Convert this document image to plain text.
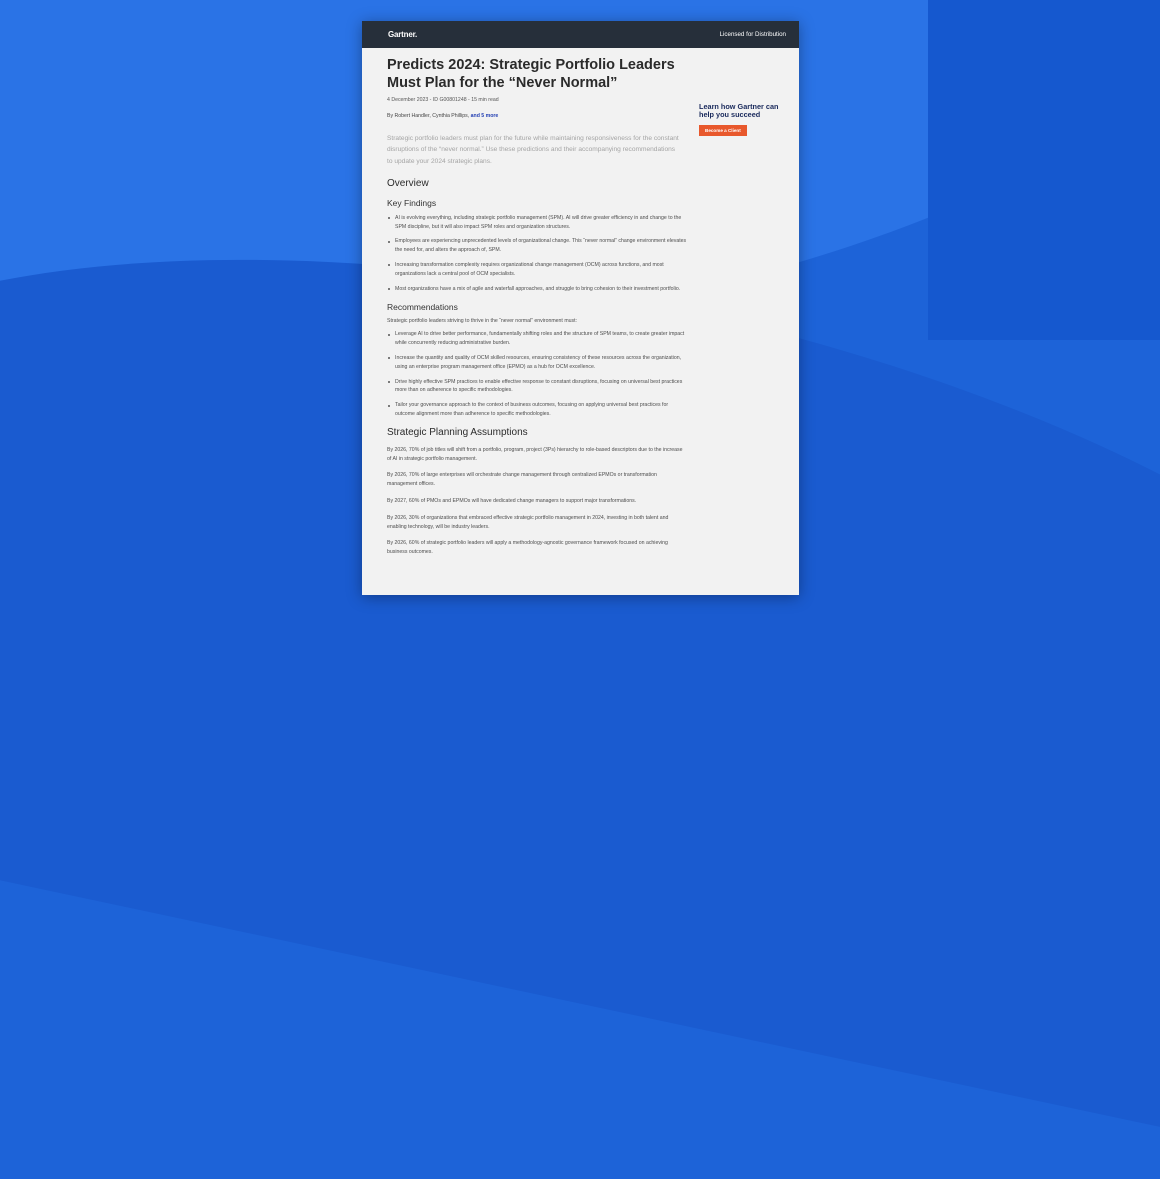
Gartner.	Licensed for Distribution
Predicts 2024: Strategic Portfolio Leaders Must Plan for the “Never Normal”
4 December 2023 - ID G00801248 - 15 min read
By Robert Handler, Cynthia Phillips, and 5 more
Strategic portfolio leaders must plan for the future while maintaining responsiveness for the constant disruptions of the “never normal.” Use these predictions and their accompanying recommendations to update your 2024 strategic plans.
Overview
Key Findings
AI is evolving everything, including strategic portfolio management (SPM). AI will drive greater efficiency in and change to the SPM discipline, but it will also impact SPM roles and organization structures.
Employees are experiencing unprecedented levels of organizational change. This “never normal” change environment elevates the need for, and alters the approach of, SPM.
Increasing transformation complexity requires organizational change management (OCM) across functions, and most organizations lack a central pool of OCM specialists.
Most organizations have a mix of agile and waterfall approaches, and struggle to bring cohesion to their investment portfolio.
Recommendations
Strategic portfolio leaders striving to thrive in the “never normal” environment must:
Leverage AI to drive better performance, fundamentally shifting roles and the structure of SPM teams, to create greater impact while concurrently reducing administrative burden.
Increase the quantity and quality of OCM skilled resources, ensuring consistency of these resources across the organization, using an enterprise program management office (EPMO) as a hub for OCM excellence.
Drive highly effective SPM practices to enable effective response to constant disruptions, focusing on universal best practices more than on adherence to specific methodologies.
Tailor your governance approach to the context of business outcomes, focusing on applying universal best practices for outcome alignment more than adherence to specific methodologies.
Strategic Planning Assumptions
By 2026, 70% of job titles will shift from a portfolio, program, project (3Ps) hierarchy to role-based descriptors due to the increase of AI in strategic portfolio management.
By 2026, 70% of large enterprises will orchestrate change management through centralized EPMOs or transformation management offices.
By 2027, 60% of PMOs and EPMOs will have dedicated change managers to support major transformations.
By 2026, 30% of organizations that embraced effective strategic portfolio management in 2024, investing in both talent and enabling technology, will be industry leaders.
By 2026, 60% of strategic portfolio leaders will apply a methodology-agnostic governance framework focused on achieving business outcomes.
Learn how Gartner can help you succeed
Become a Client
